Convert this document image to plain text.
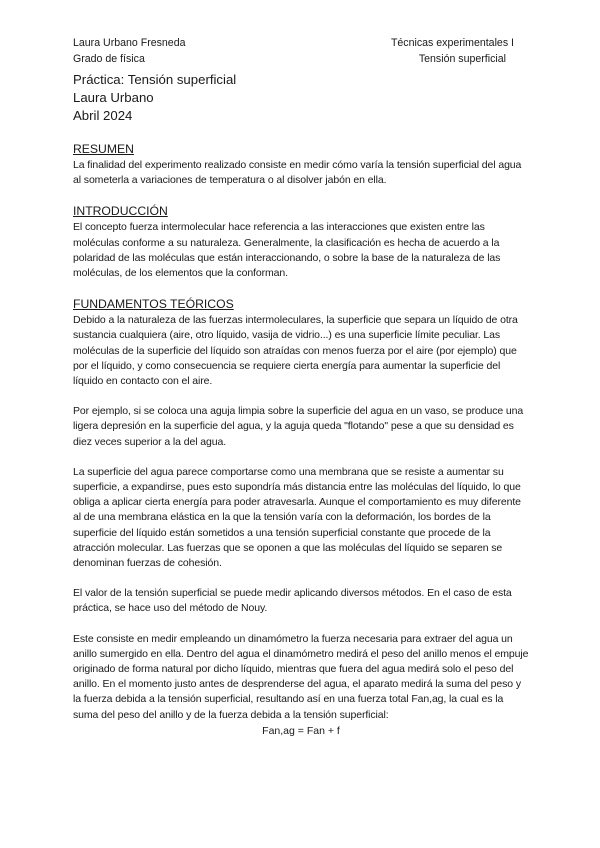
Laura Urbano Fresneda
Grado de física
Técnicas experimentales I
Tensión superficial
Práctica: Tensión superficial
Laura Urbano
Abril 2024
RESUMEN

La finalidad del experimento realizado consiste en medir cómo varía la tensión superficial del agua al someterla a variaciones de temperatura o al disolver jabón en ella.

INTRODUCCIÓN

El concepto fuerza intermolecular hace referencia a las interacciones que existen entre las moléculas conforme a su naturaleza. Generalmente, la clasificación es hecha de acuerdo a la polaridad de las moléculas que están interaccionando, o sobre la base de la naturaleza de las moléculas, de los elementos que la conforman.

FUNDAMENTOS TEÓRICOS

Debido a la naturaleza de las fuerzas intermoleculares, la superficie que separa un líquido de otra sustancia cualquiera (aire, otro líquido, vasija de vidrio...) es una superficie límite peculiar. Las moléculas de la superficie del líquido son atraídas con menos fuerza por el aire (por ejemplo) que por el líquido, y como consecuencia se requiere cierta energía para aumentar la superficie del líquido en contacto con el aire.

Por ejemplo, si se coloca una aguja limpia sobre la superficie del agua en un vaso, se produce una ligera depresión en la superficie del agua, y la aguja queda "flotando" pese a que su densidad es diez veces superior a la del agua.

La superficie del agua parece comportarse como una membrana que se resiste a aumentar su superficie, a expandirse, pues esto supondría más distancia entre las moléculas del líquido, lo que obliga a aplicar cierta energía para poder atravesarla. Aunque el comportamiento es muy diferente al de una membrana elástica en la que la tensión varía con la deformación, los bordes de la superficie del líquido están sometidos a una tensión superficial constante que procede de la atracción molecular. Las fuerzas que se oponen a que las moléculas del líquido se separen se denominan fuerzas de cohesión.

El valor de la tensión superficial se puede medir aplicando diversos métodos. En el caso de esta práctica, se hace uso del método de Nouy.

Este consiste en medir empleando un dinamómetro la fuerza necesaria para extraer del agua un anillo sumergido en ella. Dentro del agua el dinamómetro medirá el peso del anillo menos el empuje originado de forma natural por dicho líquido, mientras que fuera del agua medirá solo el peso del anillo. En el momento justo antes de desprenderse del agua, el aparato medirá la suma del peso y la fuerza debida a la tensión superficial, resultando así en una fuerza total Fan,ag, la cual es la suma del peso del anillo y de la fuerza debida a la tensión superficial:

Fan,ag = Fan + f
